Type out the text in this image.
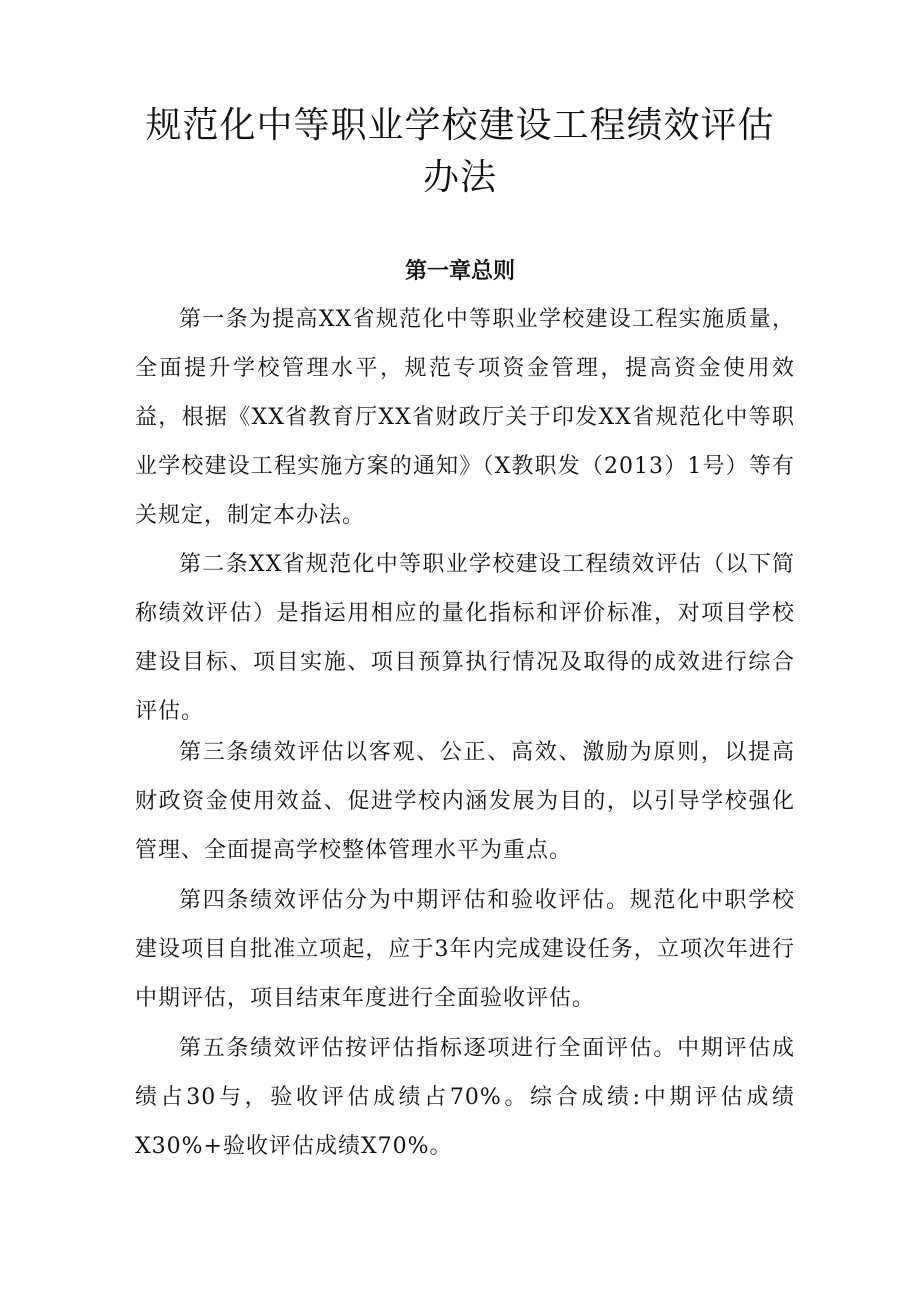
规范化中等职业学校建设工程绩效评估办法
第一章总则

第一条为提高XX省规范化中等职业学校建设工程实施质量，全面提升学校管理水平，规范专项资金管理，提高资金使用效益，根据《XX省教育厅XX省财政厅关于印发XX省规范化中等职业学校建设工程实施方案的通知》（X教职发（2013）1号）等有关规定，制定本办法。

第二条XX省规范化中等职业学校建设工程绩效评估（以下简称绩效评估）是指运用相应的量化指标和评价标准，对项目学校建设目标、项目实施、项目预算执行情况及取得的成效进行综合评估。

第三条绩效评估以客观、公正、高效、激励为原则，以提高财政资金使用效益、促进学校内涵发展为目的，以引导学校强化管理、全面提高学校整体管理水平为重点。

第四条绩效评估分为中期评估和验收评估。规范化中职学校建设项目自批准立项起，应于3年内完成建设任务，立项次年进行中期评估，项目结束年度进行全面验收评估。

第五条绩效评估按评估指标逐项进行全面评估。中期评估成绩占30与，验收评估成绩占70%。综合成绩:中期评估成绩X30%+验收评估成绩X70%。
